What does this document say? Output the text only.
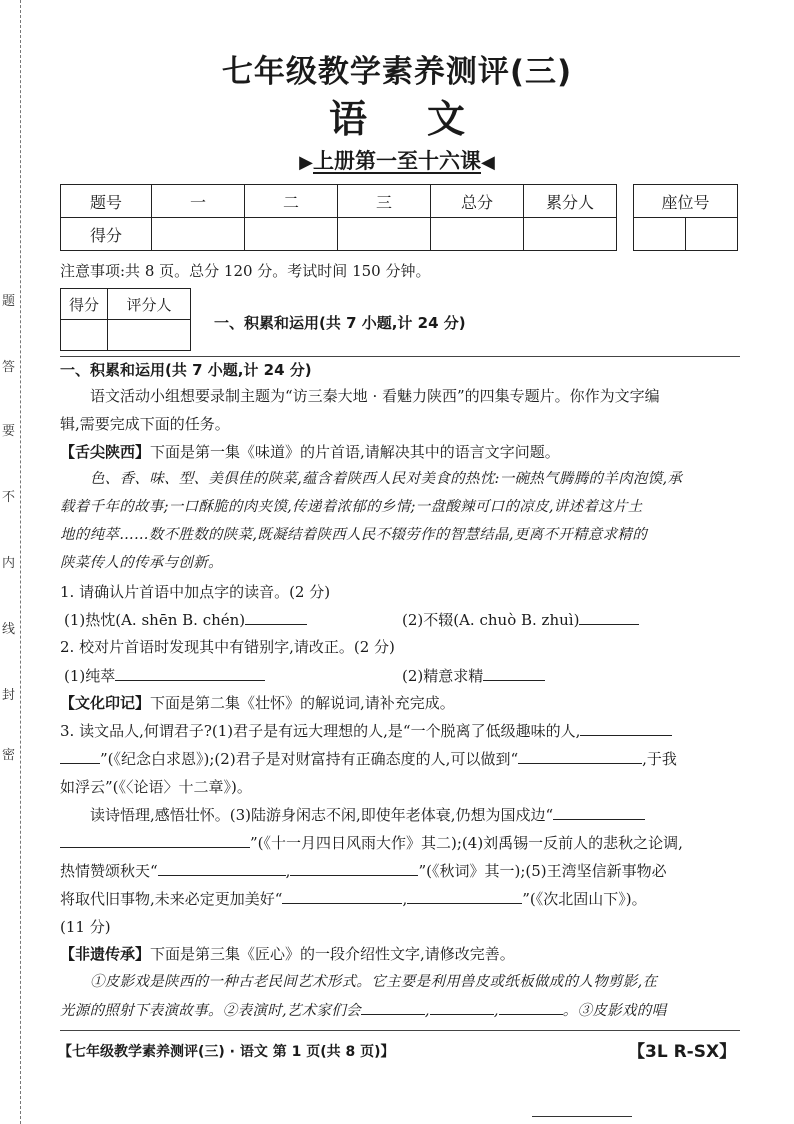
题
答
要
不
内
线
封
密
七年级教学素养测评(三)
语文
▶上册第一至十六课◀
题号	一	二	三	总分	累分人
得分					
座位号

注意事项:共 8 页。总分 120 分。考试时间 150 分钟。
得分	评分人

一、积累和运用(共 7 小题,计 24 分)
一、积累和运用(共 7 小题,计 24 分)
语文活动小组想要录制主题为“访三秦大地 · 看魅力陕西”的四集专题片。你作为文字编
辑,需要完成下面的任务。
【舌尖陕西】下面是第一集《味道》的片首语,请解决其中的语言文字问题。
色、香、味、型、美俱佳的陕菜,蕴含着陕西人民对美食的热忱:一碗热气腾腾的羊肉泡馍,承
载着千年的故事;一口酥脆的肉夹馍,传递着浓郁的乡情;一盘酸辣可口的凉皮,讲述着这片土
地的纯萃……数不胜数的陕菜,既凝结着陕西人民不辍劳作的智慧结晶,更离不开精意求精的
陕菜传人的传承与创新。
1. 请确认片首语中加点字的读音。(2 分)
(1)热忱(A. shēn B. chén)	(2)不辍(A. chuò B. zhuì)
2. 校对片首语时发现其中有错别字,请改正。(2 分)
(1)纯萃	(2)精意求精
【文化印记】下面是第二集《壮怀》的解说词,请补充完成。
3. 读文品人,何谓君子?(1)君子是有远大理想的人,是“一个脱离了低级趣味的人,
”(《纪念白求恩》);(2)君子是对财富持有正确态度的人,可以做到“	,于我
如浮云”(《〈论语〉十二章》)。
读诗悟理,感悟壮怀。(3)陆游身闲志不闲,即使年老体衰,仍想为国戍边“
”(《十一月四日风雨大作》其二);(4)刘禹锡一反前人的悲秋之论调,
热情赞颂秋天“	,	”(《秋词》其一);(5)王湾坚信新事物必
将取代旧事物,未来必定更加美好“	,	”(《次北固山下》)。
(11 分)
【非遗传承】下面是第三集《匠心》的一段介绍性文字,请修改完善。
①皮影戏是陕西的一种古老民间艺术形式。它主要是利用兽皮或纸板做成的人物剪影,在
光源的照射下表演故事。②表演时,艺术家们会	,	,	。③皮影戏的唱
【七年级教学素养测评(三) · 语文 第 1 页(共 8 页)】	【3L R-SX】
